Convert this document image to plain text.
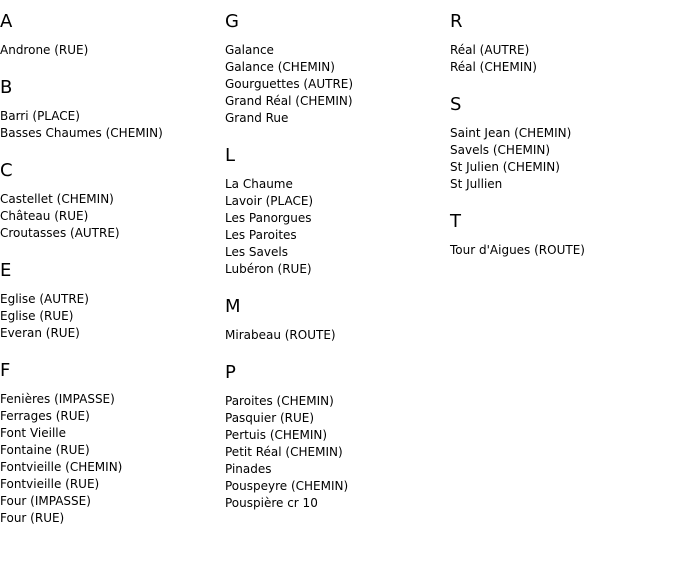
A
Androne (RUE)
B
Barri (PLACE)
Basses Chaumes (CHEMIN)
C
Castellet (CHEMIN)
Château (RUE)
Croutasses (AUTRE)
E
Eglise (AUTRE)
Eglise (RUE)
Everan (RUE)
F
Fenières (IMPASSE)
Ferrages (RUE)
Font Vieille
Fontaine (RUE)
Fontvieille (CHEMIN)
Fontvieille (RUE)
Four (IMPASSE)
Four (RUE)
G
Galance
Galance (CHEMIN)
Gourguettes (AUTRE)
Grand Réal (CHEMIN)
Grand Rue
L
La Chaume
Lavoir (PLACE)
Les Panorgues
Les Paroites
Les Savels
Lubéron (RUE)
M
Mirabeau (ROUTE)
P
Paroites (CHEMIN)
Pasquier (RUE)
Pertuis (CHEMIN)
Petit Réal (CHEMIN)
Pinades
Pouspeyre (CHEMIN)
Pouspière cr 10
R
Réal (AUTRE)
Réal (CHEMIN)
S
Saint Jean (CHEMIN)
Savels (CHEMIN)
St Julien (CHEMIN)
St Jullien
T
Tour d'Aigues (ROUTE)
